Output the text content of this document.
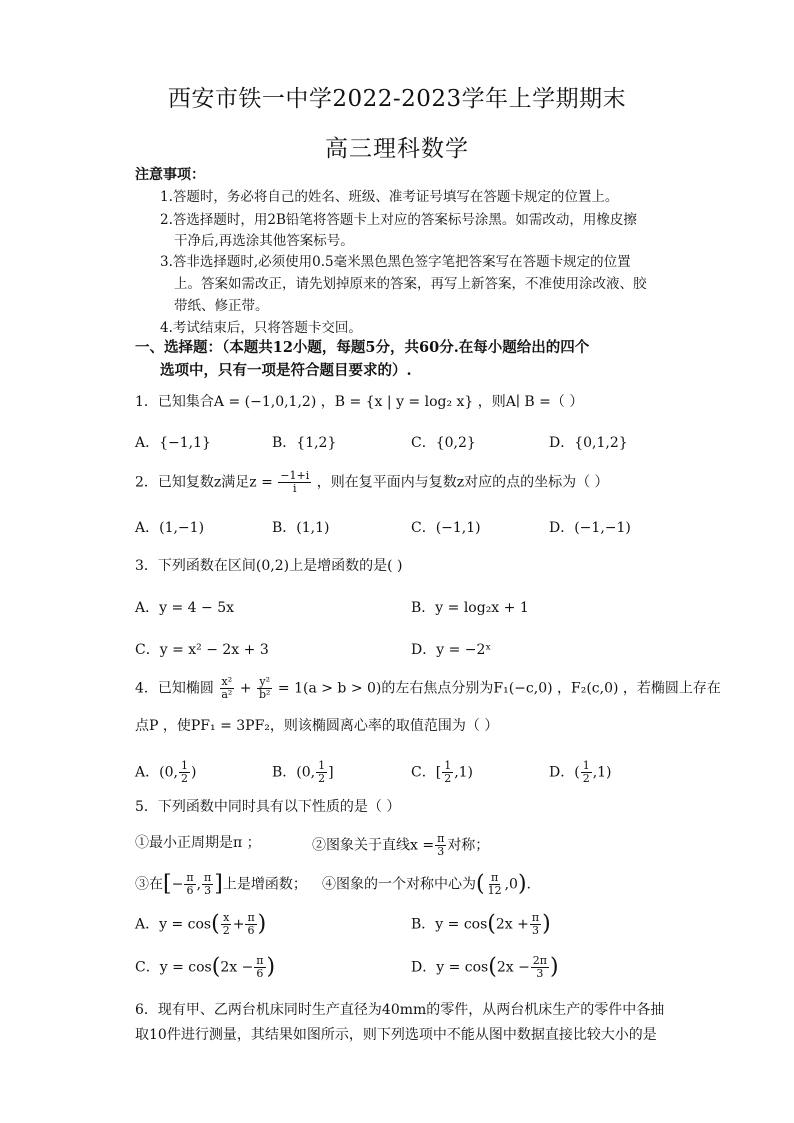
西安市铁一中学2022-2023学年上学期期末
高三理科数学
注意事项：
1.答题时，务必将自己的姓名、班级、准考证号填写在答题卡规定的位置上。
2.答选择题时，用2B铅笔将答题卡上对应的答案标号涂黑。如需改动，用橡皮擦
干净后,再选涂其他答案标号。
3.答非选择题时,必须使用0.5毫米黑色黑色签字笔把答案写在答题卡规定的位置
上。答案如需改正，请先划掉原来的答案，再写上新答案，不准使用涂改液、胶
带纸、修正带。
4.考试结束后，只将答题卡交回。
一、选择题：（本题共12小题，每题5分，共60分.在每小题给出的四个
选项中，只有一项是符合题目要求的）.
1．已知集合A = (−1,0,1,2) ，B = {x | y = log₂ x} ，则A∣ B =（ ）
A．{−1,1}	B．{1,2}	C．{0,2}	D．{0,1,2}
2．已知复数z满足$z = \frac{-1+i}{i}$ ，则在复平面内与复数z对应的点的坐标为（ ）
A．(1,−1)	B．(1,1)	C．(−1,1)	D．(−1,−1)
3．下列函数在区间(0,2)上是增函数的是( )
A．y = 4 − 5x	B．y = log₂x + 1
C．y = x² − 2x + 3	D．y = −2ˣ
4．已知椭圆 $\frac{\text{x²}}{\text{a²}} + \frac{\text{y²}}{\text{b²}} = 1(a > b > 0)$的左右焦点分别为F₁(−c,0) ，F₂(c,0) ，若椭圆上存在
点P ，使PF₁ = 3PF₂，则该椭圆离心率的取值范围为（ ）
A．(0, $\frac{1}{2}$ )	B．(0, $\frac{1}{2}$ ]	C．[ $\frac{1}{2} ,1$)	D．( $\frac{1}{2} ,1$)
5．下列函数中同时具有以下性质的是（ ）
①最小正周期是π ；	②图象关于直线$x = \frac{\pi}{3}$ 对称；
③在[− $\frac{\pi}{6}$ , $\frac{\pi}{3}$ ]上是增函数； ④图象的一个对称中心为( $\frac{\pi}{12} ,0$).
A．$y = \cos( \frac{x}{2} + \frac{\pi}{6}$ )	B．$y = \cos(2x + \frac{\pi}{3}$ )
C．$y = \cos(2x - \frac{\pi}{6}$ )	D．$y = \cos(2x - \frac{2\pi}{3}$ )
6．现有甲、乙两台机床同时生产直径为40mm的零件，从两台机床生产的零件中各抽
取10件进行测量，其结果如图所示，则下列选项中不能从图中数据直接比较大小的是
